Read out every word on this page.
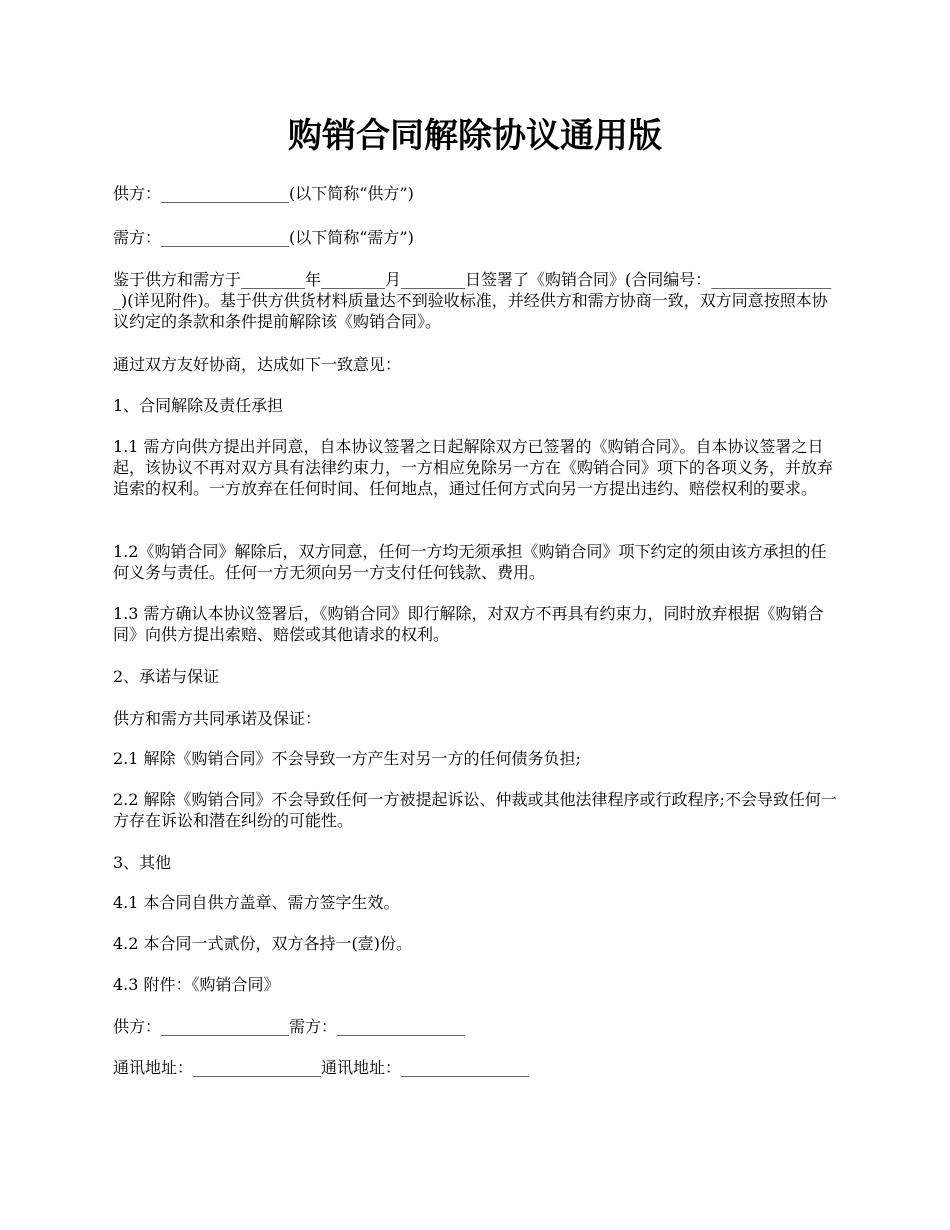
购销合同解除协议通用版

供方：________________(以下简称“供方”)

需方：________________(以下简称“需方”)

鉴于供方和需方于________年________月________日签署了《购销合同》(合同编号：________________)(详见附件)。基于供方供货材料质量达不到验收标准，并经供方和需方协商一致，双方同意按照本协议约定的条款和条件提前解除该《购销合同》。

通过双方友好协商，达成如下一致意见：

1、合同解除及责任承担

1.1 需方向供方提出并同意，自本协议签署之日起解除双方已签署的《购销合同》。自本协议签署之日起，该协议不再对双方具有法律约束力，一方相应免除另一方在《购销合同》项下的各项义务，并放弃追索的权利。一方放弃在任何时间、任何地点，通过任何方式向另一方提出违约、赔偿权利的要求。

1.2《购销合同》解除后，双方同意，任何一方均无须承担《购销合同》项下约定的须由该方承担的任何义务与责任。任何一方无须向另一方支付任何钱款、费用。

1.3 需方确认本协议签署后，《购销合同》即行解除，对双方不再具有约束力，同时放弃根据《购销合同》向供方提出索赔、赔偿或其他请求的权利。

2、承诺与保证

供方和需方共同承诺及保证：

2.1 解除《购销合同》不会导致一方产生对另一方的任何债务负担;

2.2 解除《购销合同》不会导致任何一方被提起诉讼、仲裁或其他法律程序或行政程序;不会导致任何一方存在诉讼和潜在纠纷的可能性。

3、其他

4.1 本合同自供方盖章、需方签字生效。

4.2 本合同一式贰份，双方各持一(壹)份。

4.3 附件：《购销合同》

供方：________________需方：________________

通讯地址：________________通讯地址：________________
